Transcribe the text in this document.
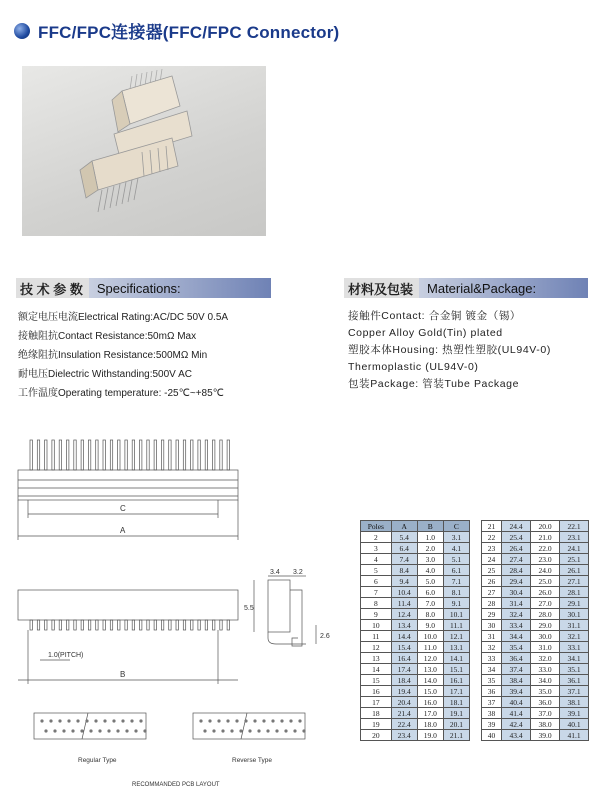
FFC/FPC连接器(FFC/FPC Connector)
技 术 参 数	Specifications:	材料及包装	Material&Package:
额定电压电流Electrical Rating:AC/DC 50V 0.5A
接触阻抗Contact Resistance:50mΩ Max
绝缘阻抗Insulation Resistance:500MΩ Min
耐电压Dielectric Withstanding:500V AC
工作温度Operating temperature: -25℃~+85℃
接触件Contact: 合金铜 镀金（锡）
Copper Alloy Gold(Tin) plated
塑胶本体Housing: 热塑性塑胶(UL94V-0)
Thermoplastic (UL94V-0)
包装Package: 管装Tube Package
C
A
B
1.0(PITCH)
3.4 3.2
5.5
2.6
Regular Type	Reverse Type
RECOMMANDED PCB LAYOUT
Poles	A	B	C
2	5.4	1.0	3.1
3	6.4	2.0	4.1
4	7.4	3.0	5.1
5	8.4	4.0	6.1
6	9.4	5.0	7.1
7	10.4	6.0	8.1
8	11.4	7.0	9.1
9	12.4	8.0	10.1
10	13.4	9.0	11.1
11	14.4	10.0	12.1
12	15.4	11.0	13.1
13	16.4	12.0	14.1
14	17.4	13.0	15.1
15	18.4	14.0	16.1
16	19.4	15.0	17.1
17	20.4	16.0	18.1
18	21.4	17.0	19.1
19	22.4	18.0	20.1
20	23.4	19.0	21.1
21	24.4	20.0	22.1
22	25.4	21.0	23.1
23	26.4	22.0	24.1
24	27.4	23.0	25.1
25	28.4	24.0	26.1
26	29.4	25.0	27.1
27	30.4	26.0	28.1
28	31.4	27.0	29.1
29	32.4	28.0	30.1
30	33.4	29.0	31.1
31	34.4	30.0	32.1
32	35.4	31.0	33.1
33	36.4	32.0	34.1
34	37.4	33.0	35.1
35	38.4	34.0	36.1
36	39.4	35.0	37.1
37	40.4	36.0	38.1
38	41.4	37.0	39.1
39	42.4	38.0	40.1
40	43.4	39.0	41.1
